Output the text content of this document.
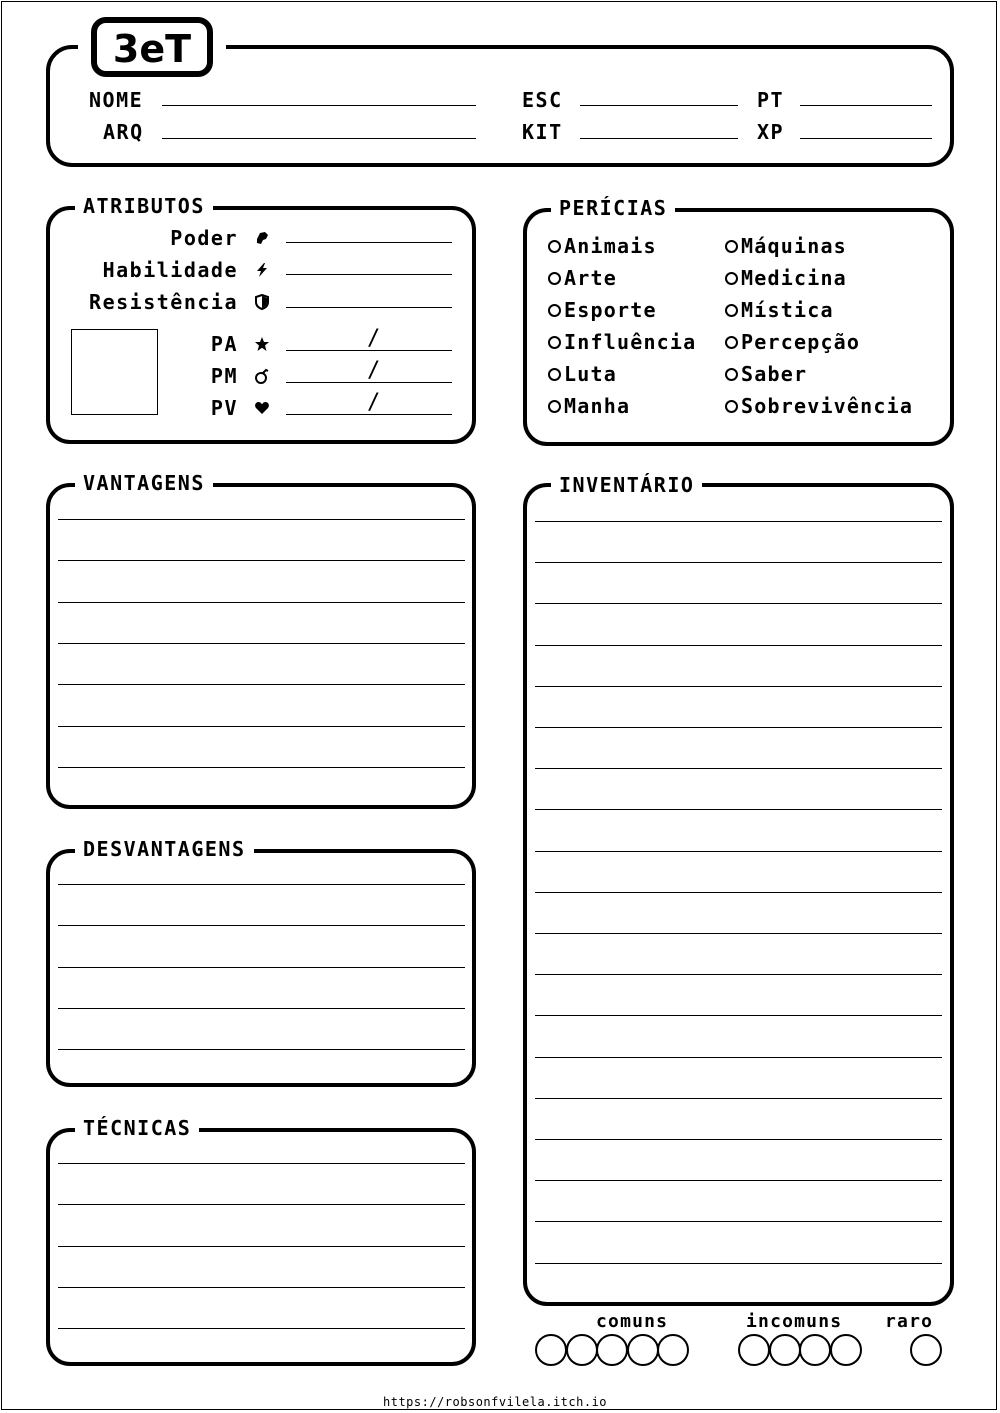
3eT
NOME	ESC	PT
ARQ	KIT	XP
ATRIBUTOS
Poder
Habilidade
Resistência
PA	/
PM	/
PV	/
PERÍCIAS
Animais
Arte
Esporte
Influência
Luta
Manha
Máquinas
Medicina
Mística
Percepção
Saber
Sobrevivência
VANTAGENS
DESVANTAGENS
TÉCNICAS
INVENTÁRIO
comuns	incomuns raro
https://robsonfvilela.itch.io
